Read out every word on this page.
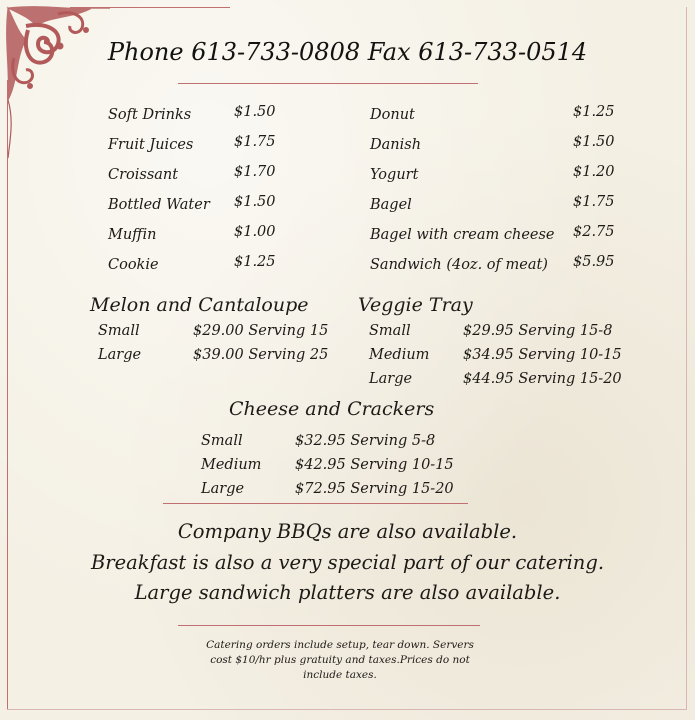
Phone 613-733-0808 Fax 613-733-0514
Soft Drinks	$1.50
Fruit Juices	$1.75
Croissant	$1.70
Bottled Water $1.50
Muffin	$1.00
Cookie	$1.25
Donut	$1.25
Danish	$1.50
Yogurt	$1.20
Bagel	$1.75
Bagel with cream cheese $2.75
Sandwich (4oz. of meat) $5.95
Melon and Cantaloupe
Small	$29.00 Serving 15
Large	$39.00 Serving 25
Veggie Tray
Small	$29.95 Serving 15-8
Medium $34.95 Serving 10-15
Large	$44.95 Serving 15-20
Cheese and Crackers
Small	$32.95 Serving 5-8
Medium $42.95 Serving 10-15
Large	$72.95 Serving 15-20
Company BBQs are also available.
Breakfast is also a very special part of our catering.
Large sandwich platters are also available.
Catering orders include setup, tear down. Servers
cost $10/hr plus gratuity and taxes.Prices do not
include taxes.
